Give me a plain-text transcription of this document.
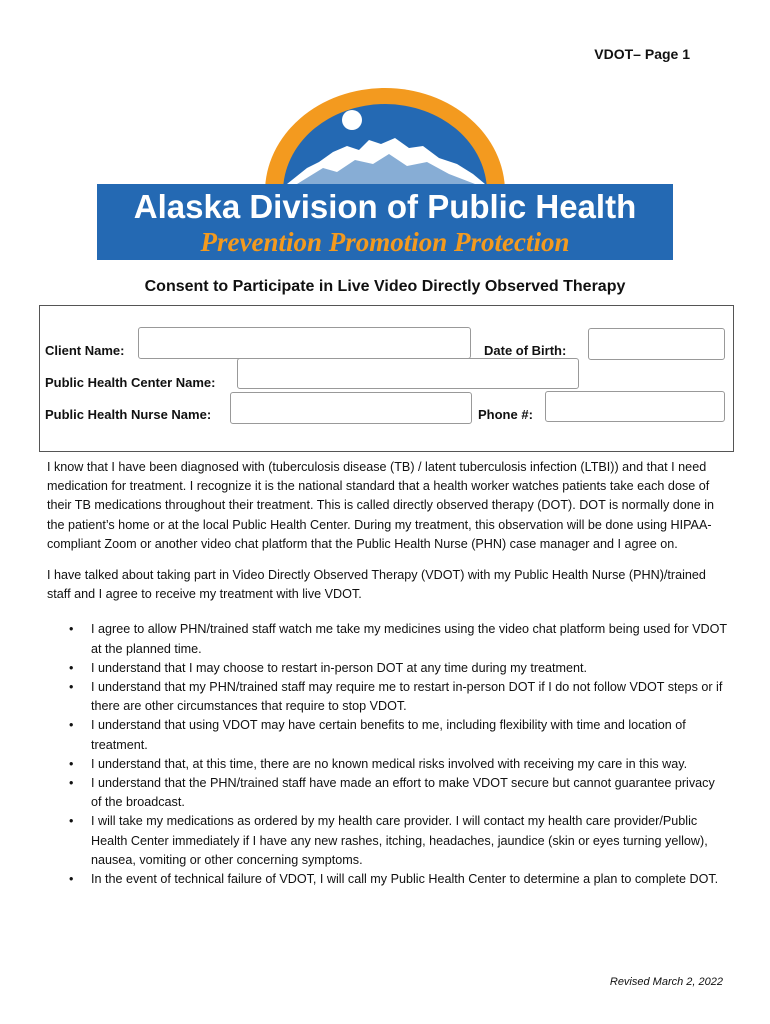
VDOT– Page 1
Alaska Division of Public Health
Prevention Promotion Protection
Consent to Participate in Live Video Directly Observed Therapy
Client Name:	Date of Birth:
Public Health Center Name:
Public Health Nurse Name:	Phone #:

I know that I have been diagnosed with (tuberculosis disease (TB) / latent tuberculosis infection (LTBI)) and that I need medication for treatment. I recognize it is the national standard that a health worker watches patients take each dose of their TB medications throughout their treatment. This is called directly observed therapy (DOT). DOT is normally done in the patient’s home or at the local Public Health Center. During my treatment, this observation will be done using HIPAA-compliant Zoom or another video chat platform that the Public Health Nurse (PHN) case manager and I agree on.

I have talked about taking part in Video Directly Observed Therapy (VDOT) with my Public Health Nurse (PHN)/trained staff and I agree to receive my treatment with live VDOT.

• I agree to allow PHN/trained staff watch me take my medicines using the video chat platform being used for VDOT at the planned time.
• I understand that I may choose to restart in-person DOT at any time during my treatment.
• I understand that my PHN/trained staff may require me to restart in-person DOT if I do not follow VDOT steps or if there are other circumstances that require to stop VDOT.
• I understand that using VDOT may have certain benefits to me, including flexibility with time and location of treatment.
• I understand that, at this time, there are no known medical risks involved with receiving my care in this way.
• I understand that the PHN/trained staff have made an effort to make VDOT secure but cannot guarantee privacy of the broadcast.
• I will take my medications as ordered by my health care provider. I will contact my health care provider/Public Health Center immediately if I have any new rashes, itching, headaches, jaundice (skin or eyes turning yellow), nausea, vomiting or other concerning symptoms.
• In the event of technical failure of VDOT, I will call my Public Health Center to determine a plan to complete DOT.
Revised March 2, 2022
